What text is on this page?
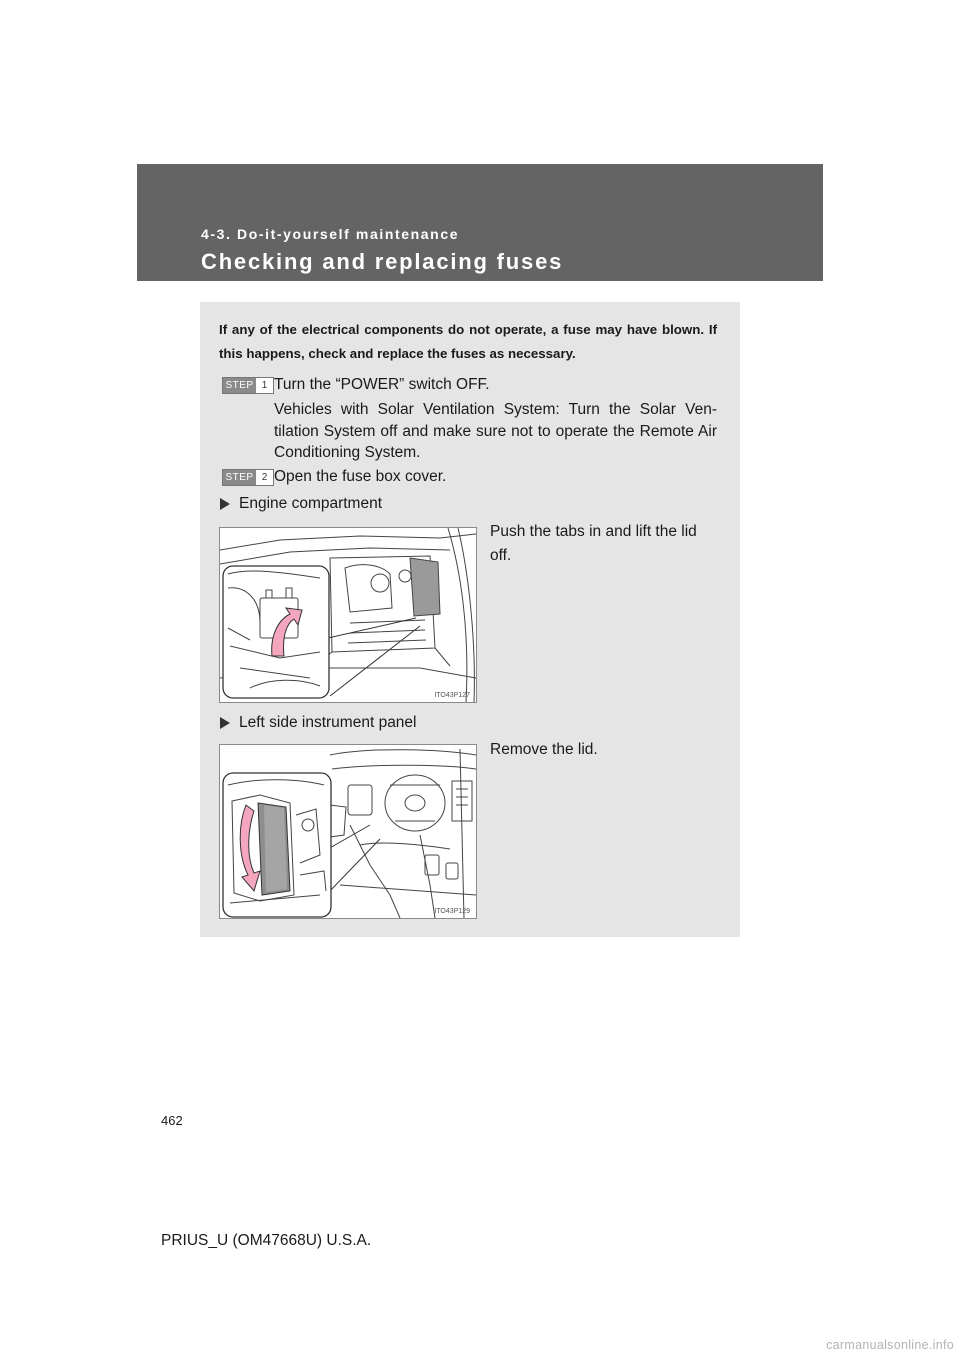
4-3. Do-it-yourself maintenance
Checking and replacing fuses
If any of the electrical components do not operate, a fuse may have blown. If this happens, check and replace the fuses as necessary.
STEP 1 Turn the “POWER” switch OFF.
Vehicles with Solar Ventilation System: Turn the Solar Ven-tilation System off and make sure not to operate the Remote Air Conditioning System.
STEP 2 Open the fuse box cover.
Engine compartment
Push the tabs in and lift the lid off.
ITO43P127
Left side instrument panel
Remove the lid.
ITO43P129
462
PRIUS_U (OM47668U) U.S.A.
carmanualsonline.info
